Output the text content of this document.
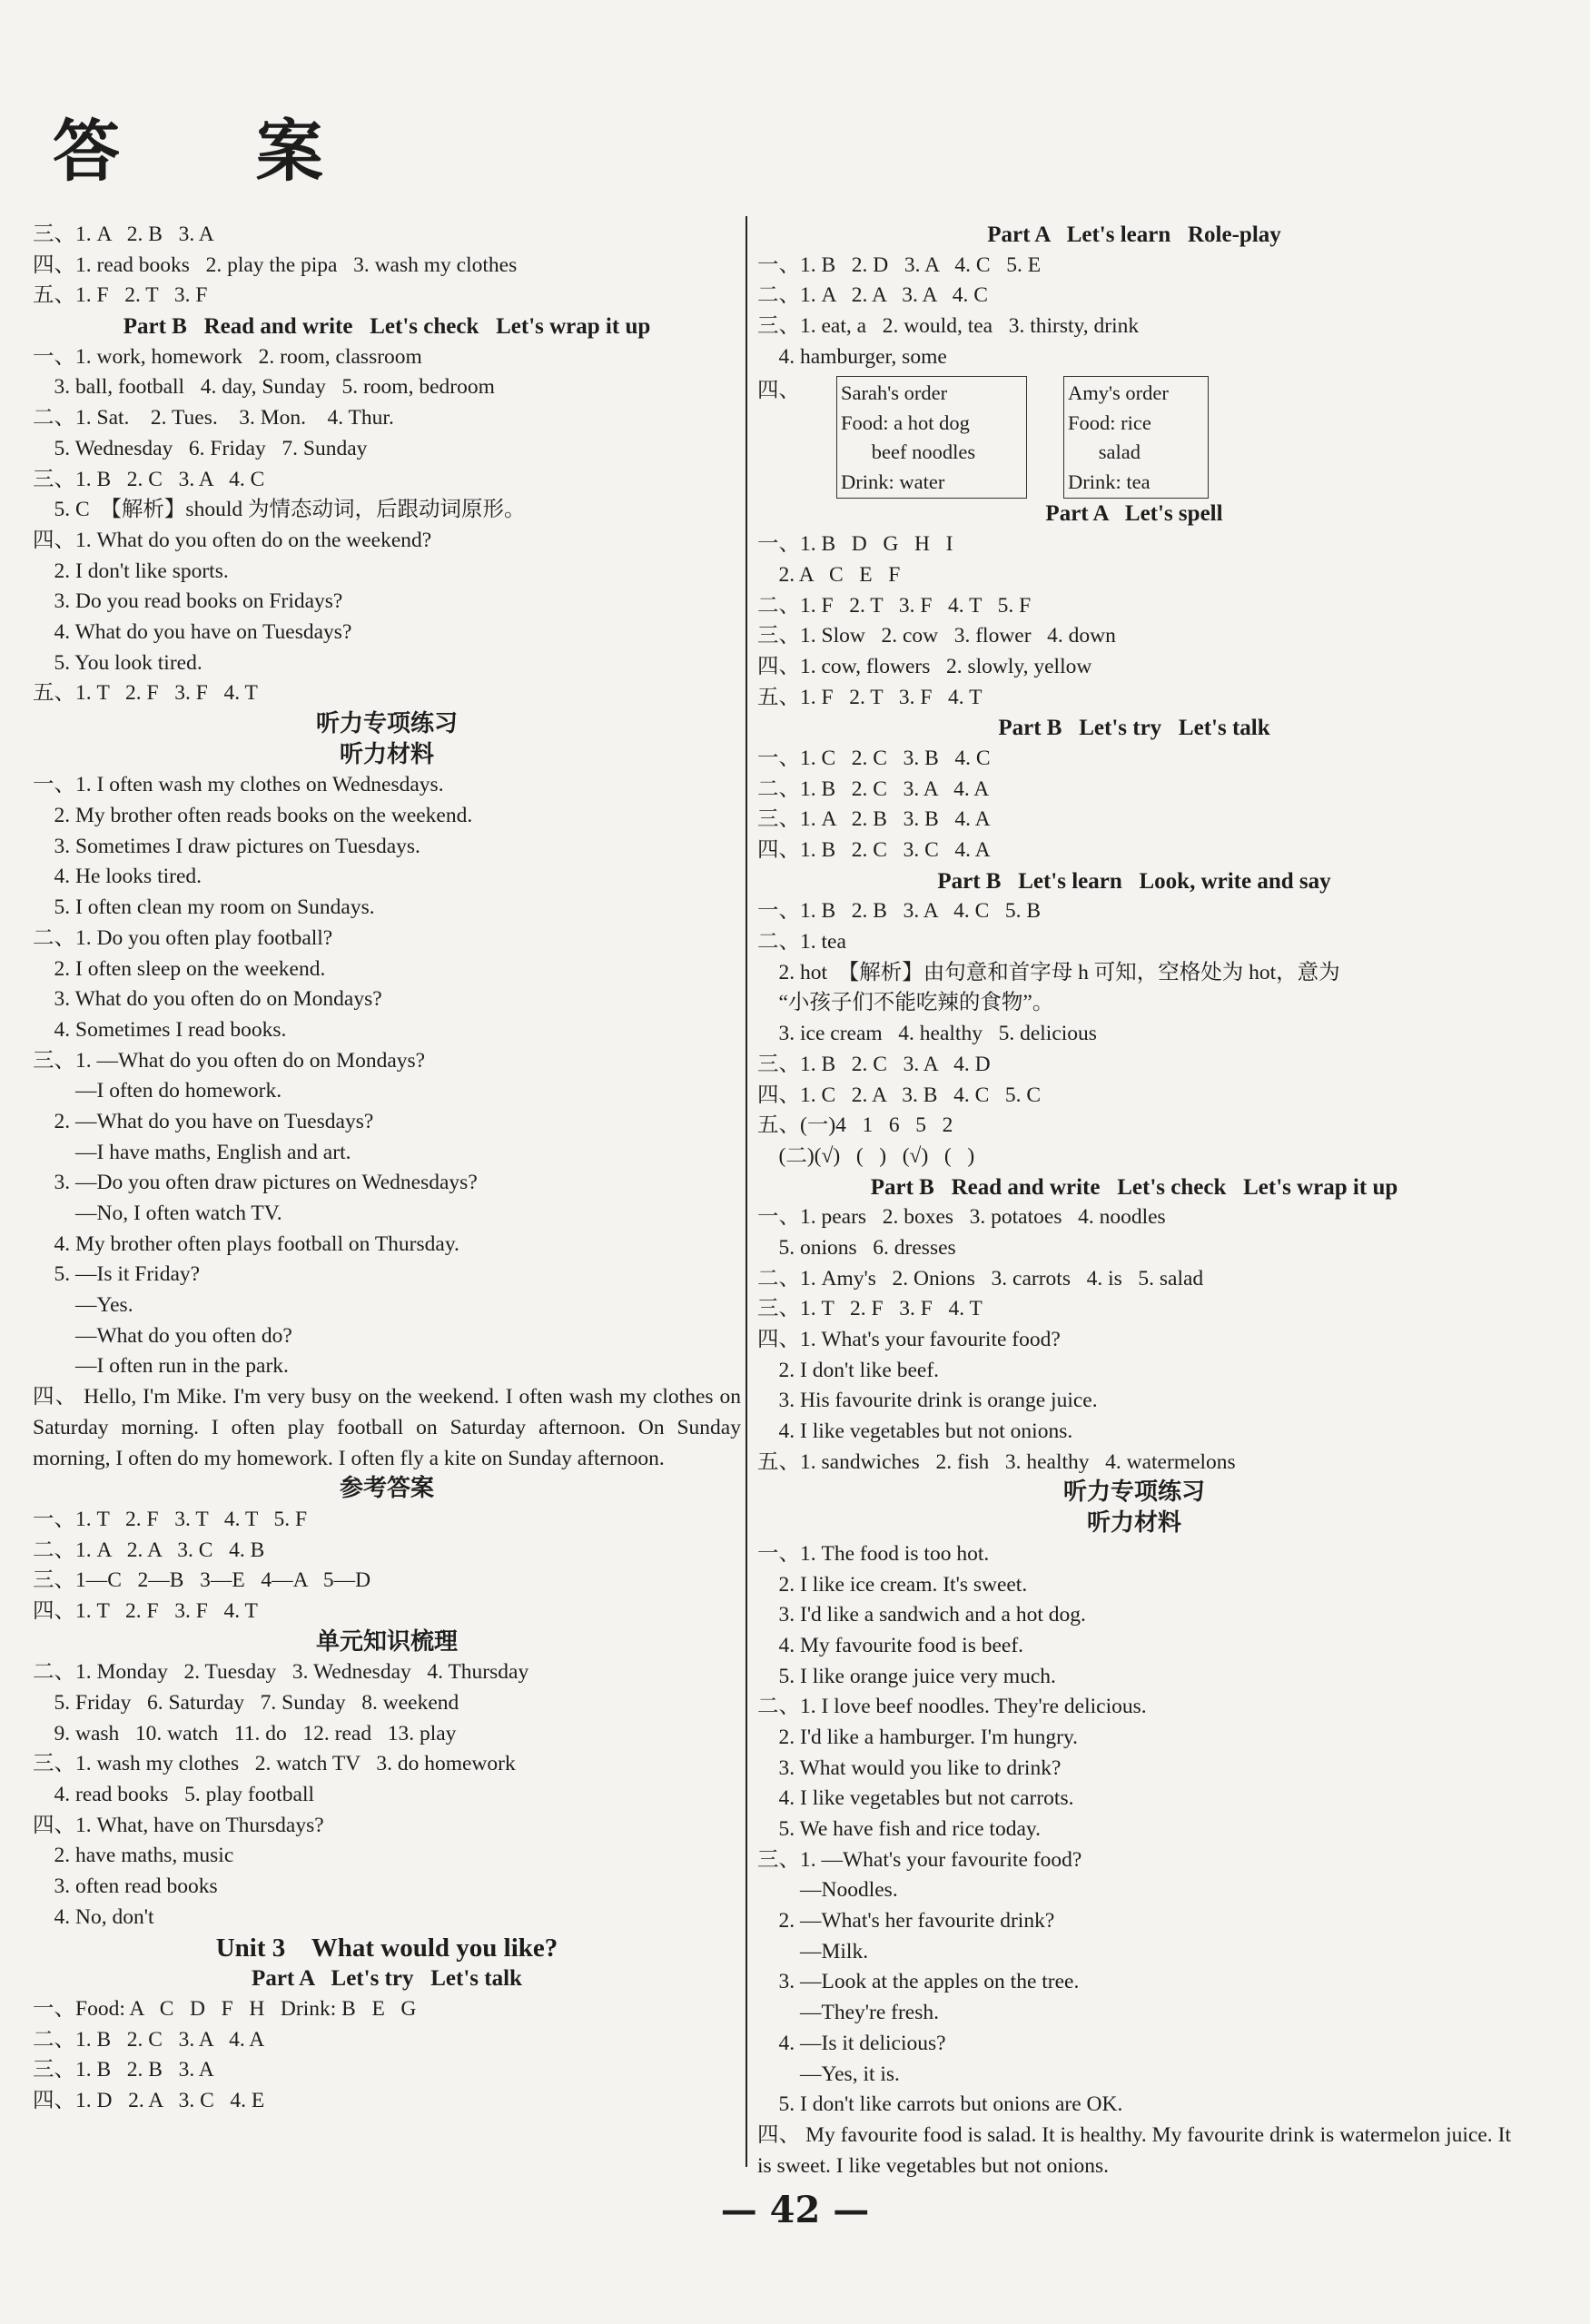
答 案
三、1. A   2. B   3. A
四、1. read books   2. play the pipa   3. wash my clothes
五、1. F   2. T   3. F
Part B   Read and write   Let's check   Let's wrap it up
一、1. work, homework   2. room, classroom
3. ball, football   4. day, Sunday   5. room, bedroom
二、1. Sat.    2. Tues.    3. Mon.    4. Thur.
5. Wednesday   6. Friday   7. Sunday
三、1. B   2. C   3. A   4. C
5. C  【解析】should 为情态动词，后跟动词原形。
四、1. What do you often do on the weekend?
2. I don't like sports.
3. Do you read books on Fridays?
4. What do you have on Tuesdays?
5. You look tired.
五、1. T   2. F   3. F   4. T
听力专项练习
听力材料
一、1. I often wash my clothes on Wednesdays.
2. My brother often reads books on the weekend.
3. Sometimes I draw pictures on Tuesdays.
4. He looks tired.
5. I often clean my room on Sundays.
二、1. Do you often play football?
2. I often sleep on the weekend.
3. What do you often do on Mondays?
4. Sometimes I read books.
三、1. —What do you often do on Mondays?
—I often do homework.
2. —What do you have on Tuesdays?
—I have maths, English and art.
3. —Do you often draw pictures on Wednesdays?
—No, I often watch TV.
4. My brother often plays football on Thursday.
5. —Is it Friday?
—Yes.
—What do you often do?
—I often run in the park.
四、 Hello, I'm Mike. I'm very busy on the weekend. I often wash my clothes on Saturday morning. I often play football on Saturday afternoon. On Sunday morning, I often do my homework. I often fly a kite on Sunday afternoon.
参考答案
一、1. T   2. F   3. T   4. T   5. F
二、1. A   2. A   3. C   4. B
三、1—C   2—B   3—E   4—A   5—D
四、1. T   2. F   3. F   4. T
单元知识梳理
二、1. Monday   2. Tuesday   3. Wednesday   4. Thursday
5. Friday   6. Saturday   7. Sunday   8. weekend
9. wash   10. watch   11. do   12. read   13. play
三、1. wash my clothes   2. watch TV   3. do homework
4. read books   5. play football
四、1. What, have on Thursdays?
2. have maths, music
3. often read books
4. No, don't
Unit 3    What would you like?
Part A   Let's try   Let's talk
一、Food: A   C   D   F   H   Drink: B   E   G
二、1. B   2. C   3. A   4. A
三、1. B   2. B   3. A
四、1. D   2. A   3. C   4. E
Part A   Let's learn   Role-play
一、1. B   2. D   3. A   4. C   5. E
二、1. A   2. A   3. A   4. C
三、1. eat, a   2. would, tea   3. thirsty, drink
4. hamburger, some
四、 Sarah's order
Food: a hot dog
beef noodles
Drink: water
Amy's order
Food: rice
salad
Drink: tea
Part A   Let's spell
一、1. B   D   G   H   I
2. A   C   E   F
二、1. F   2. T   3. F   4. T   5. F
三、1. Slow   2. cow   3. flower   4. down
四、1. cow, flowers   2. slowly, yellow
五、1. F   2. T   3. F   4. T
Part B   Let's try   Let's talk
一、1. C   2. C   3. B   4. C
二、1. B   2. C   3. A   4. A
三、1. A   2. B   3. B   4. A
四、1. B   2. C   3. C   4. A
Part B   Let's learn   Look, write and say
一、1. B   2. B   3. A   4. C   5. B
二、1. tea
2. hot  【解析】由句意和首字母 h 可知，空格处为 hot，意为
“小孩子们不能吃辣的食物”。
3. ice cream   4. healthy   5. delicious
三、1. B   2. C   3. A   4. D
四、1. C   2. A   3. B   4. C   5. C
五、(一)4   1   6   5   2
(二)(√)   (   )   (√)   (   )
Part B   Read and write   Let's check   Let's wrap it up
一、1. pears   2. boxes   3. potatoes   4. noodles
5. onions   6. dresses
二、1. Amy's   2. Onions   3. carrots   4. is   5. salad
三、1. T   2. F   3. F   4. T
四、1. What's your favourite food?
2. I don't like beef.
3. His favourite drink is orange juice.
4. I like vegetables but not onions.
五、1. sandwiches   2. fish   3. healthy   4. watermelons
听力专项练习
听力材料
一、1. The food is too hot.
2. I like ice cream. It's sweet.
3. I'd like a sandwich and a hot dog.
4. My favourite food is beef.
5. I like orange juice very much.
二、1. I love beef noodles. They're delicious.
2. I'd like a hamburger. I'm hungry.
3. What would you like to drink?
4. I like vegetables but not carrots.
5. We have fish and rice today.
三、1. —What's your favourite food?
—Noodles.
2. —What's her favourite drink?
—Milk.
3. —Look at the apples on the tree.
—They're fresh.
4. —Is it delicious?
—Yes, it is.
5. I don't like carrots but onions are OK.
四、 My favourite food is salad. It is healthy. My favourite drink is watermelon juice. It is sweet. I like vegetables but not onions.
— 42 —
